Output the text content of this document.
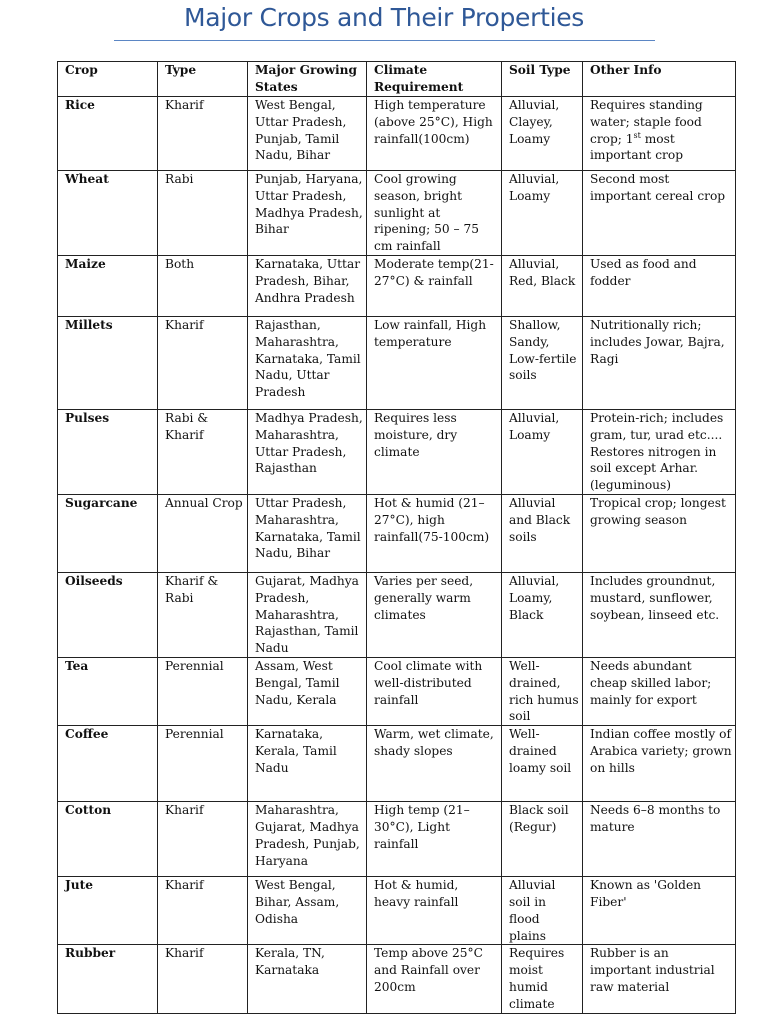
Major Crops and Their Properties
Crop	Type	Major Growing States	Climate Requirement	Soil Type	Other Info
Rice	Kharif	West Bengal, Uttar Pradesh, Punjab, Tamil Nadu, Bihar	High temperature (above 25°C), High rainfall(100cm)	Alluvial, Clayey, Loamy	Requires standing water; staple food crop; 1st most important crop
Wheat	Rabi	Punjab, Haryana, Uttar Pradesh, Madhya Pradesh, Bihar	Cool growing season, bright sunlight at ripening; 50 – 75 cm rainfall	Alluvial, Loamy	Second most important cereal crop
Maize	Both	Karnataka, Uttar Pradesh, Bihar, Andhra Pradesh	Moderate temp(21-27°C) & rainfall	Alluvial, Red, Black	Used as food and fodder
Millets	Kharif	Rajasthan, Maharashtra, Karnataka, Tamil Nadu, Uttar Pradesh	Low rainfall, High temperature	Shallow, Sandy, Low-fertile soils	Nutritionally rich; includes Jowar, Bajra, Ragi
Pulses	Rabi & Kharif	Madhya Pradesh, Maharashtra, Uttar Pradesh, Rajasthan	Requires less moisture, dry climate	Alluvial, Loamy	Protein-rich; includes gram, tur, urad etc.... Restores nitrogen in soil except Arhar. (leguminous)
Sugarcane	Annual Crop	Uttar Pradesh, Maharashtra, Karnataka, Tamil Nadu, Bihar	Hot & humid (21–27°C), high rainfall(75-100cm)	Alluvial and Black soils	Tropical crop; longest growing season
Oilseeds	Kharif & Rabi	Gujarat, Madhya Pradesh, Maharashtra, Rajasthan, Tamil Nadu	Varies per seed, generally warm climates	Alluvial, Loamy, Black	Includes groundnut, mustard, sunflower, soybean, linseed etc.
Tea	Perennial	Assam, West Bengal, Tamil Nadu, Kerala	Cool climate with well-distributed rainfall	Well-drained, rich humus soil	Needs abundant cheap skilled labor; mainly for export
Coffee	Perennial	Karnataka, Kerala, Tamil Nadu	Warm, wet climate, shady slopes	Well-drained loamy soil	Indian coffee mostly of Arabica variety; grown on hills
Cotton	Kharif	Maharashtra, Gujarat, Madhya Pradesh, Punjab, Haryana	High temp (21–30°C), Light rainfall	Black soil (Regur)	Needs 6–8 months to mature
Jute	Kharif	West Bengal, Bihar, Assam, Odisha	Hot & humid, heavy rainfall	Alluvial soil in flood plains	Known as 'Golden Fiber'
Rubber	Kharif	Kerala, TN, Karnataka	Temp above 25°C and Rainfall over 200cm	Requires moist humid climate	Rubber is an important industrial raw material
